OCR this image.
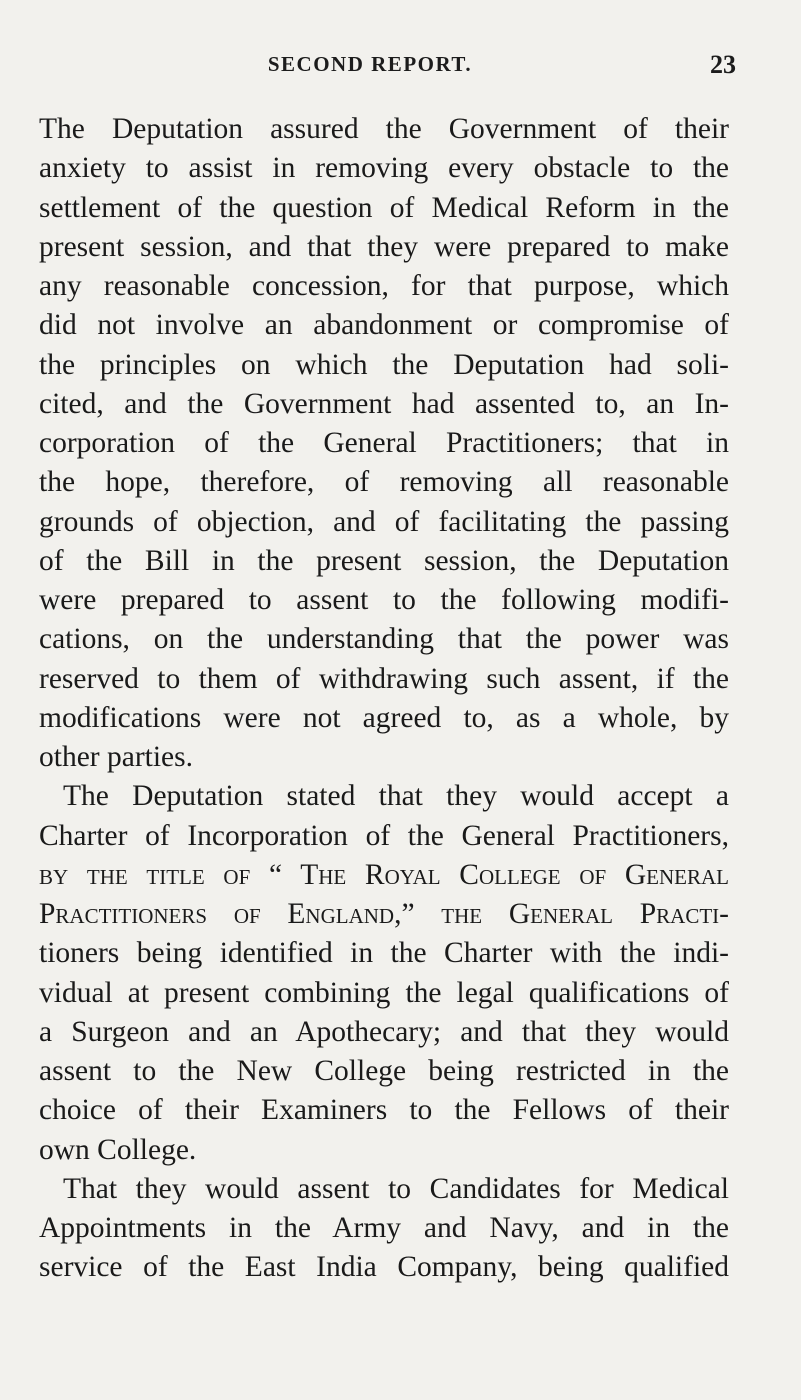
SECOND REPORT.	23
The Deputation assured the Government of their
anxiety to assist in removing every obstacle to the
settlement of the question of Medical Reform in the
present session, and that they were prepared to make
any reasonable concession, for that purpose, which
did not involve an abandonment or compromise of
the principles on which the Deputation had soli-
cited, and the Government had assented to, an In-
corporation of the General Practitioners; that in
the hope, therefore, of removing all reasonable
grounds of objection, and of facilitating the passing
of the Bill in the present session, the Deputation
were prepared to assent to the following modifi-
cations, on the understanding that the power was
reserved to them of withdrawing such assent, if the
modifications were not agreed to, as a whole, by
other parties.
The Deputation stated that they would accept a
Charter of Incorporation of the General Practitioners,
by the title of “ The Royal College of General
Practitioners of England,” the General Practi-
tioners being identified in the Charter with the indi-
vidual at present combining the legal qualifications of
a Surgeon and an Apothecary; and that they would
assent to the New College being restricted in the
choice of their Examiners to the Fellows of their
own College.
That they would assent to Candidates for Medical
Appointments in the Army and Navy, and in the
service of the East India Company, being qualified
